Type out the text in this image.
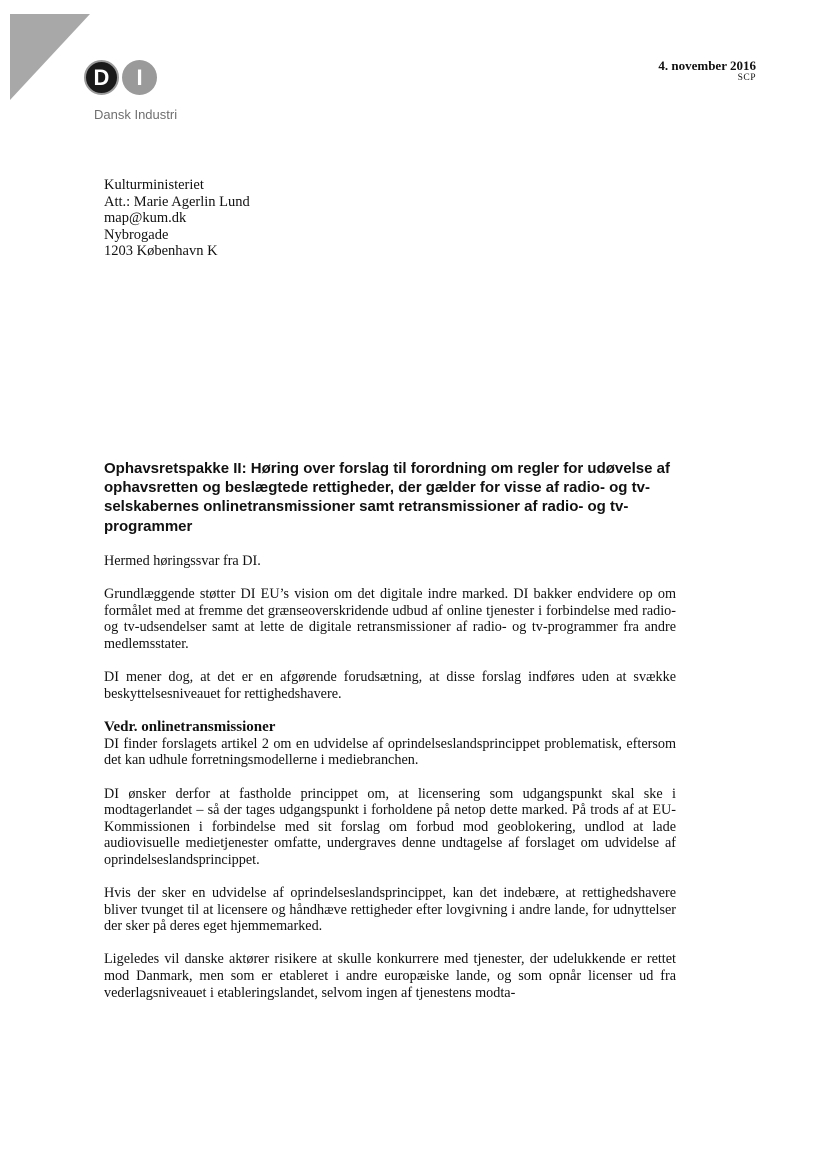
D	I
Dansk Industri
4. november 2016
SCP
Kulturministeriet
Att.: Marie Agerlin Lund
map@kum.dk
Nybrogade
1203 København K
Ophavsretspakke II: Høring over forslag til forordning om regler for udøvelse af ophavsretten og beslægtede rettigheder, der gælder for visse af radio- og tv-selskabernes onlinetransmissioner samt retransmissioner af radio- og tv-programmer

Hermed høringssvar fra DI.

Grundlæggende støtter DI EU’s vision om det digitale indre marked. DI bakker endvidere op om formålet med at fremme det grænseoverskridende udbud af online tjenester i forbindelse med radio- og tv-udsendelser samt at lette de digitale retransmissioner af radio- og tv-programmer fra andre medlemsstater.

DI mener dog, at det er en afgørende forudsætning, at disse forslag indføres uden at svække beskyttelsesniveauet for rettighedshavere.

Vedr. onlinetransmissioner

DI finder forslagets artikel 2 om en udvidelse af oprindelseslandsprincippet problematisk, eftersom det kan udhule forretningsmodellerne i mediebranchen.

DI ønsker derfor at fastholde princippet om, at licensering som udgangspunkt skal ske i modtagerlandet – så der tages udgangspunkt i forholdene på netop dette marked. På trods af at EU-Kommissionen i forbindelse med sit forslag om forbud mod geoblokering, undlod at lade audiovisuelle medietjenester omfatte, undergraves denne undtagelse af forslaget om udvidelse af oprindelseslandsprincippet.

Hvis der sker en udvidelse af oprindelseslandsprincippet, kan det indebære, at rettighedshavere bliver tvunget til at licensere og håndhæve rettigheder efter lovgivning i andre lande, for udnyttelser der sker på deres eget hjemmemarked.

Ligeledes vil danske aktører risikere at skulle konkurrere med tjenester, der udelukkende er rettet mod Danmark, men som er etableret i andre europæiske lande, og som opnår licenser ud fra vederlagsniveauet i etableringslandet, selvom ingen af tjenestens modta-
